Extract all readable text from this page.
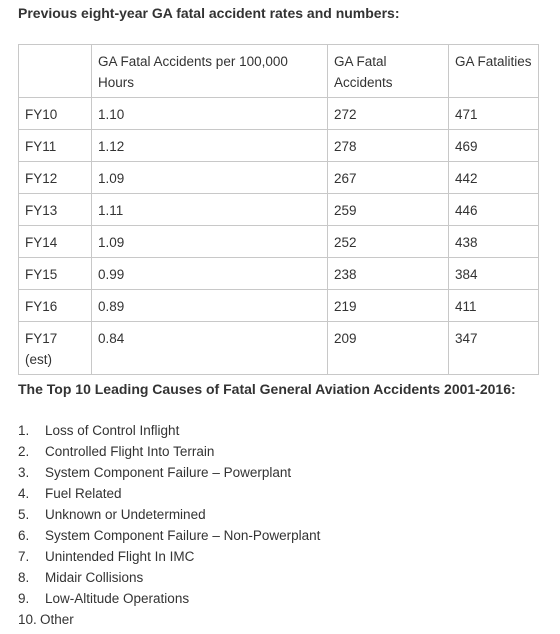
Previous eight-year GA fatal accident rates and numbers:
	GA Fatal Accidents per 100,000 Hours	GA Fatal Accidents	GA Fatalities
FY10	1.10	272	471
FY11	1.12	278	469
FY12	1.09	267	442
FY13	1.11	259	446
FY14	1.09	252	438
FY15	0.99	238	384
FY16	0.89	219	411
FY17 (est)	0.84	209	347
The Top 10 Leading Causes of Fatal General Aviation Accidents 2001-2016:
1. Loss of Control Inflight
2. Controlled Flight Into Terrain
3. System Component Failure – Powerplant
4. Fuel Related
5. Unknown or Undetermined
6. System Component Failure – Non-Powerplant
7. Unintended Flight In IMC
8. Midair Collisions
9. Low-Altitude Operations
10. Other
